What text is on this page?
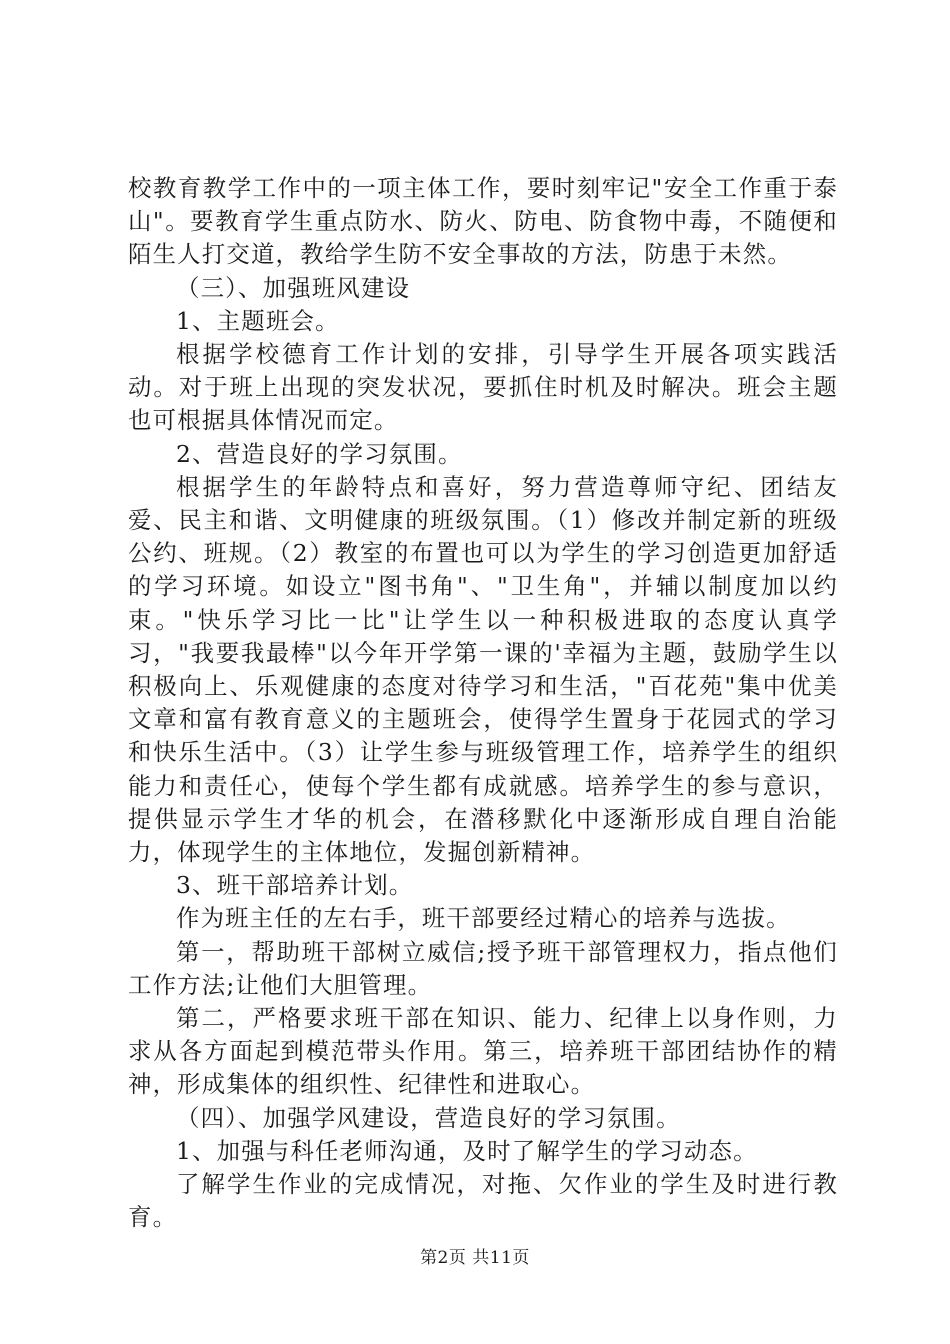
校教育教学工作中的一项主体工作，要时刻牢记"安全工作重于泰山"。要教育学生重点防水、防火、防电、防食物中毒，不随便和陌生人打交道，教给学生防不安全事故的方法，防患于未然。

（三）、加强班风建设

1、主题班会。

根据学校德育工作计划的安排，引导学生开展各项实践活动。对于班上出现的突发状况，要抓住时机及时解决。班会主题也可根据具体情况而定。

2、营造良好的学习氛围。

根据学生的年龄特点和喜好，努力营造尊师守纪、团结友爱、民主和谐、文明健康的班级氛围。（1）修改并制定新的班级公约、班规。（2）教室的布置也可以为学生的学习创造更加舒适的学习环境。如设立"图书角"、"卫生角"，并辅以制度加以约束。"快乐学习比一比"让学生以一种积极进取的态度认真学习，"我要我最棒"以今年开学第一课的'幸福为主题，鼓励学生以积极向上、乐观健康的态度对待学习和生活，"百花苑"集中优美文章和富有教育意义的主题班会，使得学生置身于花园式的学习和快乐生活中。（3）让学生参与班级管理工作，培养学生的组织能力和责任心，使每个学生都有成就感。培养学生的参与意识，提供显示学生才华的机会，在潜移默化中逐渐形成自理自治能力，体现学生的主体地位，发掘创新精神。

3、班干部培养计划。

作为班主任的左右手，班干部要经过精心的培养与选拔。

第一，帮助班干部树立威信;授予班干部管理权力，指点他们工作方法;让他们大胆管理。

第二，严格要求班干部在知识、能力、纪律上以身作则，力求从各方面起到模范带头作用。第三，培养班干部团结协作的精神，形成集体的组织性、纪律性和进取心。

（四）、加强学风建设，营造良好的学习氛围。

1、加强与科任老师沟通，及时了解学生的学习动态。

了解学生作业的完成情况，对拖、欠作业的学生及时进行教育。

第2页 共11页
